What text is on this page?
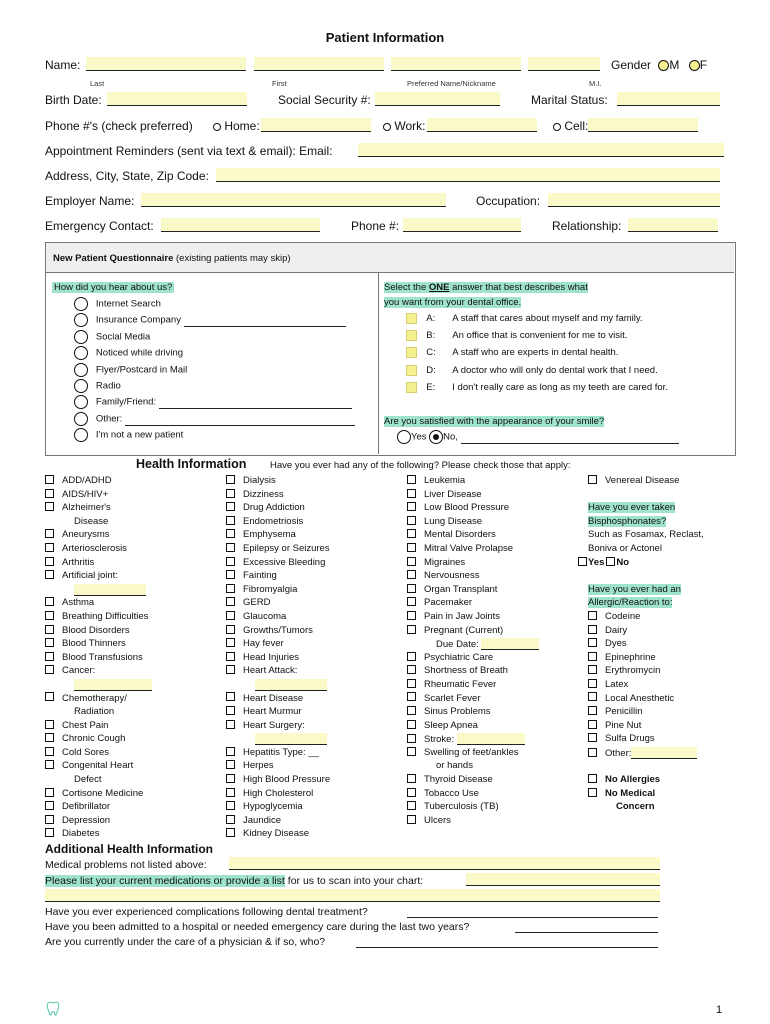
Patient Information
Name:	Gender M F
Last	First	Preferred Name/Nickname	M.I.
Birth Date:	Social Security #:	Marital Status:
Phone #'s (check preferred)	Home:	Work:	Cell:
Appointment Reminders (sent via text & email): Email:
Address, City, State, Zip Code:
Employer Name:	Occupation:
Emergency Contact:	Phone #:	Relationship:
New Patient Questionnaire (existing patients may skip)
How did you hear about us?
Internet Search
Insurance Company
Social Media
Noticed while driving
Flyer/Postcard in Mail
Radio
Family/Friend:
Other:
I'm not a new patient
Select the ONE answer that best describes what
you want from your dental office.
A: A staff that cares about myself and my family.
B: An office that is convenient for me to visit.
C: A staff who are experts in dental health.
D: A doctor who will only do dental work that I need.
E: I don't really care as long as my teeth are cared for.
Are you satisfied with the appearance of your smile?
Yes No,
Health Information Have you ever had any of the following? Please check those that apply:
ADD/ADHD
AIDS/HIV+
Alzheimer's
Disease
Aneurysms
Arteriosclerosis
Arthritis
Artificial joint:
Asthma
Breathing Difficulties
Blood Disorders
Blood Thinners
Blood Transfusions
Cancer:
Chemotherapy/
Radiation
Chest Pain
Chronic Cough
Cold Sores
Congenital Heart
Defect
Cortisone Medicine
Defibrillator
Depression
Diabetes
Dialysis
Dizziness
Drug Addiction
Endometriosis
Emphysema
Epilepsy or Seizures
Excessive Bleeding
Fainting
Fibromyalgia
GERD
Glaucoma
Growths/Tumors
Hay fever
Head Injuries
Heart Attack:
Heart Disease
Heart Murmur
Heart Surgery:
Hepatitis Type: __
Herpes
High Blood Pressure
High Cholesterol
Hypoglycemia
Jaundice
Kidney Disease
Leukemia
Liver Disease
Low Blood Pressure
Lung Disease
Mental Disorders
Mitral Valve Prolapse
Migraines
Nervousness
Organ Transplant
Pacemaker
Pain in Jaw Joints
Pregnant (Current)
Due Date:
Psychiatric Care
Shortness of Breath
Rheumatic Fever
Scarlet Fever
Sinus Problems
Sleep Apnea
Stroke:
Swelling of feet/ankles
or hands
Thyroid Disease
Tobacco Use
Tuberculosis (TB)
Ulcers
Venereal Disease
Have you ever taken
Bisphosphonates?
Such as Fosamax, Reclast,
Boniva or Actonel
Yes No
Have you ever had an
Allergic/Reaction to:
Codeine
Dairy
Dyes
Epinephrine
Erythromycin
Latex
Local Anesthetic
Penicillin
Pine Nut
Sulfa Drugs
Other:
No Allergies
No Medical
Concern
Additional Health Information
Medical problems not listed above:
Please list your current medications or provide a list for us to scan into your chart:
Have you ever experienced complications following dental treatment?
Have you been admitted to a hospital or needed emergency care during the last two years?
Are you currently under the care of a physician & if so, who?
1
